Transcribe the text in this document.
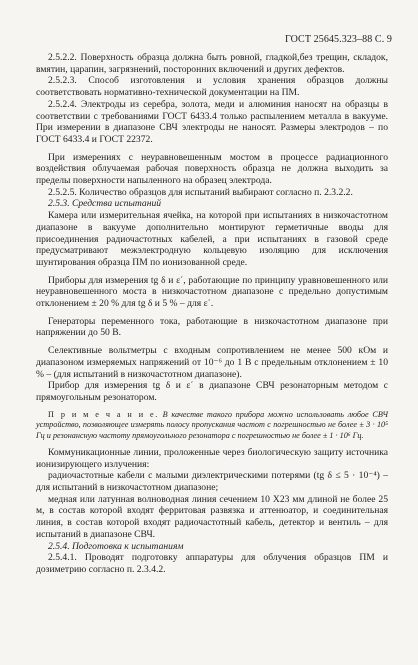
ГОСТ 25645.323–88 С. 9

2.5.2.2. Поверхность образца должна быть ровной, гладкой,без трещин, складок, вмятин, царапин, загрязнений, посторонних включений и других дефектов.

2.5.2.3. Способ изготовления и условия хранения образцов должны соответствовать нормативно-технической документации на ПМ.

2.5.2.4. Электроды из серебра, золота, меди и алюминия наносят на образцы в соответствии с требованиями ГОСТ 6433.4 только распылением металла в вакууме. При измерении в диапазоне СВЧ электроды не наносят. Размеры электродов – по ГОСТ 6433.4 и ГОСТ 22372.

При измерениях с неуравновешенным мостом в процессе радиационного воздействия облучаемая рабочая поверхность образца не должна выходить за пределы поверхности напыленного на образец электрода.

2.5.2.5. Количество образцов для испытаний выбирают согласно п. 2.3.2.2.

2.5.3. Средства испытаний

Камера или измерительная ячейка, на которой при испытаниях в низкочастотном диапазоне в вакууме дополнительно монтируют герметичные вводы для присоединения радиочастотных кабелей, а при испытаниях в газовой среде предусматривают межэлектродную кольцевую изоляцию для исключения шунтирования образца ПМ по ионизованной среде.

Приборы для измерения tg δ и ε΄, работающие по принципу уравновешенного или неуравновешенного моста в низкочастотном диапазоне с предельно допустимым отклонением ± 20 % для tg δ и 5 % – для ε΄.

Генераторы переменного тока, работающие в низкочастотном диапазоне при напряжении до 50 В.

Селективные вольтметры с входным сопротивлением не менее 500 кОм и диапазоном измеряемых напряжений от 10⁻⁶ до 1 В с предельным отклонением ± 10 % – (для испытаний в низкочастотном диапазоне).

Прибор для измерения tg δ и ε΄ в диапазоне СВЧ резонаторным методом с прямоугольным резонатором.

П р и м е ч а н и е. В качестве такого прибора можно использовать любое СВЧ устройство, позволяющее измерять полосу пропускания частот с погрешностью не более ± 3 · 10⁵ Гц и резонансную частоту прямоугольного резонатора с погрешностью не более ± 1 · 10⁶ Гц.

Коммуникационные линии, проложенные через биологическую защиту источника ионизирующего излучения:

радиочастотные кабели с малыми диэлектрическими потерями (tg δ ≤ 5 · 10⁻⁴) – для испытаний в низкочастотном диапазоне;

медная или латунная волноводная линия сечением 10 Х23 мм длиной не более 25 м, в состав которой входят ферритовая развязка и аттенюатор, и соединительная линия, в состав которой входят радиочастотный кабель, детектор и вентиль – для испытаний в диапазоне СВЧ.

2.5.4. Подготовка к испытаниям

2.5.4.1. Проводят подготовку аппаратуры для облучения образцов ПМ и дозиметрию согласно п. 2.3.4.2.
